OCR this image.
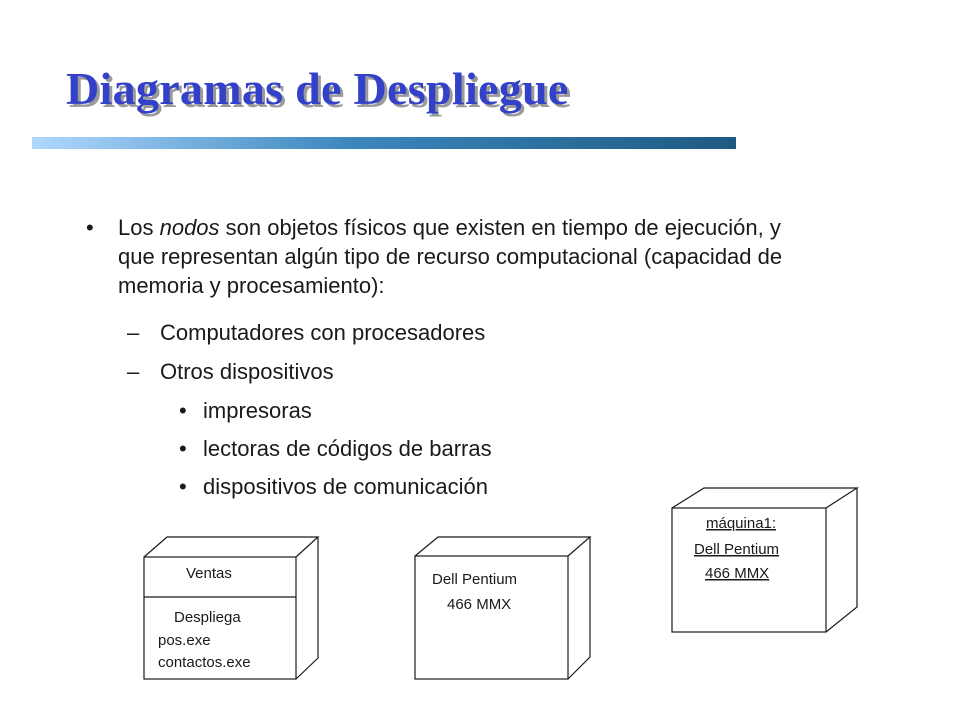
Diagramas de Despliegue
• Los nodos son objetos físicos que existen en tiempo de ejecución, y que representan algún tipo de recurso computacional (capacidad de memoria y procesamiento):
– Computadores con procesadores
– Otros dispositivos
• impresoras
• lectoras de códigos de barras
• dispositivos de comunicación
Ventas
Despliega
pos.exe
contactos.exe
Dell Pentium
466 MMX
máquina1:
Dell Pentium
466 MMX
